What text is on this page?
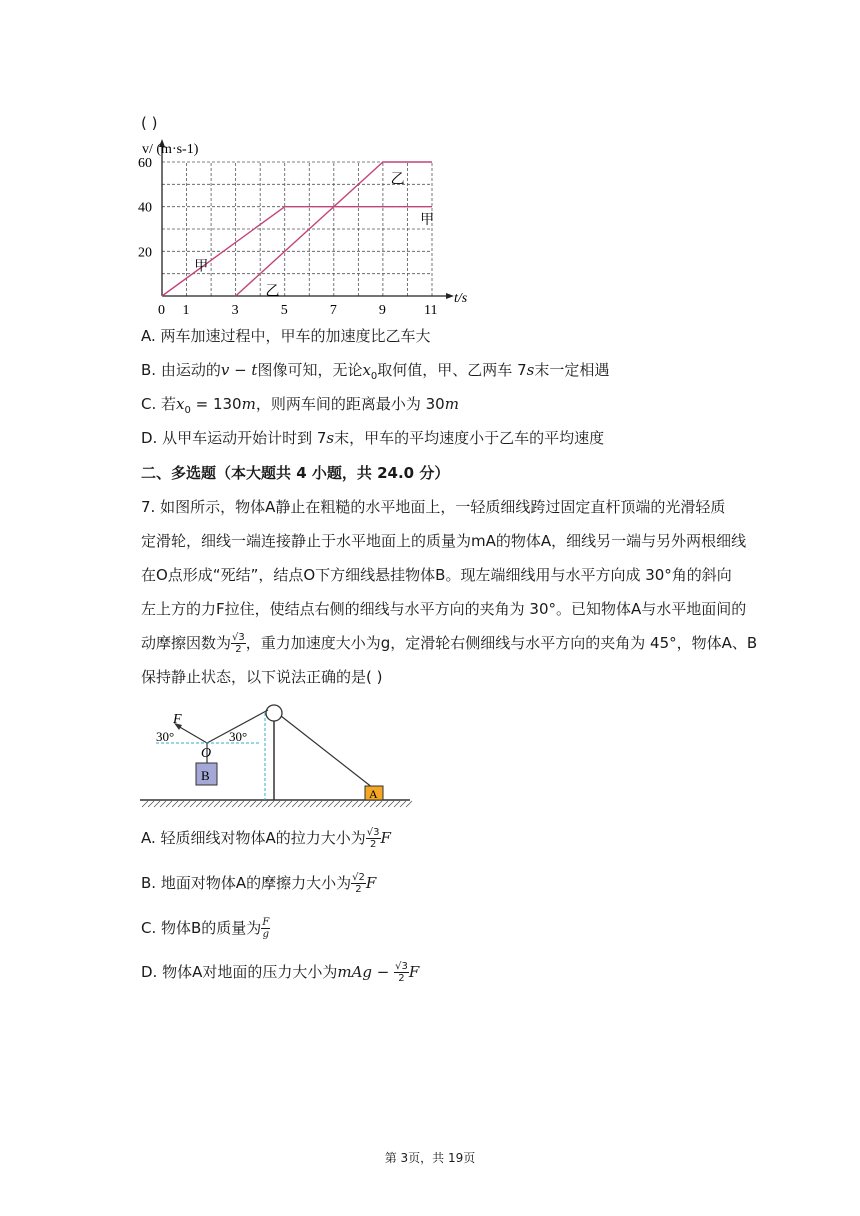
( )
v/ (m·s-1)
t/s
0 1	3	5	7	9	11
20
40
60
乙
甲
甲
乙
A. 两车加速过程中，甲车的加速度比乙车大
B. 由运动的v − t图像可知，无论$x_0$取何值，甲、乙两车 7s末一定相遇
C. 若$x_0 = 130m$，则两车间的距离最小为 30m
D. 从甲车运动开始计时到 7s末，甲车的平均速度小于乙车的平均速度
二、多选题（本大题共 4 小题，共 24.0 分）

7. 如图所示，物体A静止在粗糙的水平地面上，一轻质细线跨过固定直杆顶端的光滑轻质

定滑轮，细线一端连接静止于水平地面上的质量为mA的物体A，细线另一端与另外两根细线

在O点形成“死结”，结点O下方细线悬挂物体B。现左端细线用与水平方向成 30°角的斜向

左上方的力F拉住，使结点右侧的细线与水平方向的夹角为 30°。已知物体A与水平地面间的

动摩擦因数为 $\frac{√3}{2}$ ，重力加速度大小为g，定滑轮右侧细线与水平方向的夹角为 45°，物体A、B

保持静止状态，以下说法正确的是( )

F
O
30°	30°
B
A
A. 轻质细线对物体A的拉力大小为 $\frac{√3}{2}$ F
B. 地面对物体A的摩擦力大小为 $\frac{√2}{2}$ F
C. 物体B的质量为 $\frac{F}{g}$
D. 物体A对地面的压力大小为mAg − $\frac{√3}{2}$ F
第 3页，共 19页
